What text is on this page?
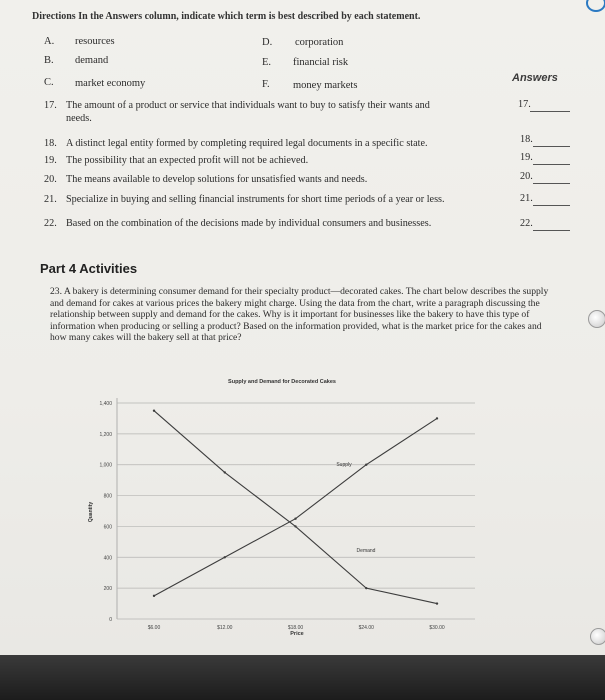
Directions In the Answers column, indicate which term is best described by each statement.
A. resources
B. demand
C. market economy
D. corporation
E. financial risk
F. money markets
Answers
17. The amount of a product or service that individuals want to buy to satisfy their wants and
needs.
18. A distinct legal entity formed by completing required legal documents in a specific state.
19. The possibility that an expected profit will not be achieved.
20. The means available to develop solutions for unsatisfied wants and needs.
21. Specialize in buying and selling financial instruments for short time periods of a year or less.
22. Based on the combination of the decisions made by individual consumers and businesses.
17.
18.
19.
20.
21.
22.
Part 4 Activities
23. A bakery is determining consumer demand for their specialty product—decorated cakes. The chart below describes the supply and demand for cakes at various prices the bakery might charge. Using the data from the chart, write a paragraph discussing the relationship between supply and demand for the cakes. Why is it important for businesses like the bakery to have this type of information when producing or selling a product? Based on the information provided, what is the market price for the cakes and how many cakes will the bakery sell at that price?
Supply and Demand for Decorated Cakes
Quantity
Price
0
200
400
600
800
1,000
1,200
1,400
$6.00	$12.00	$18.00	$24.00	$30.00
Supply
Demand
